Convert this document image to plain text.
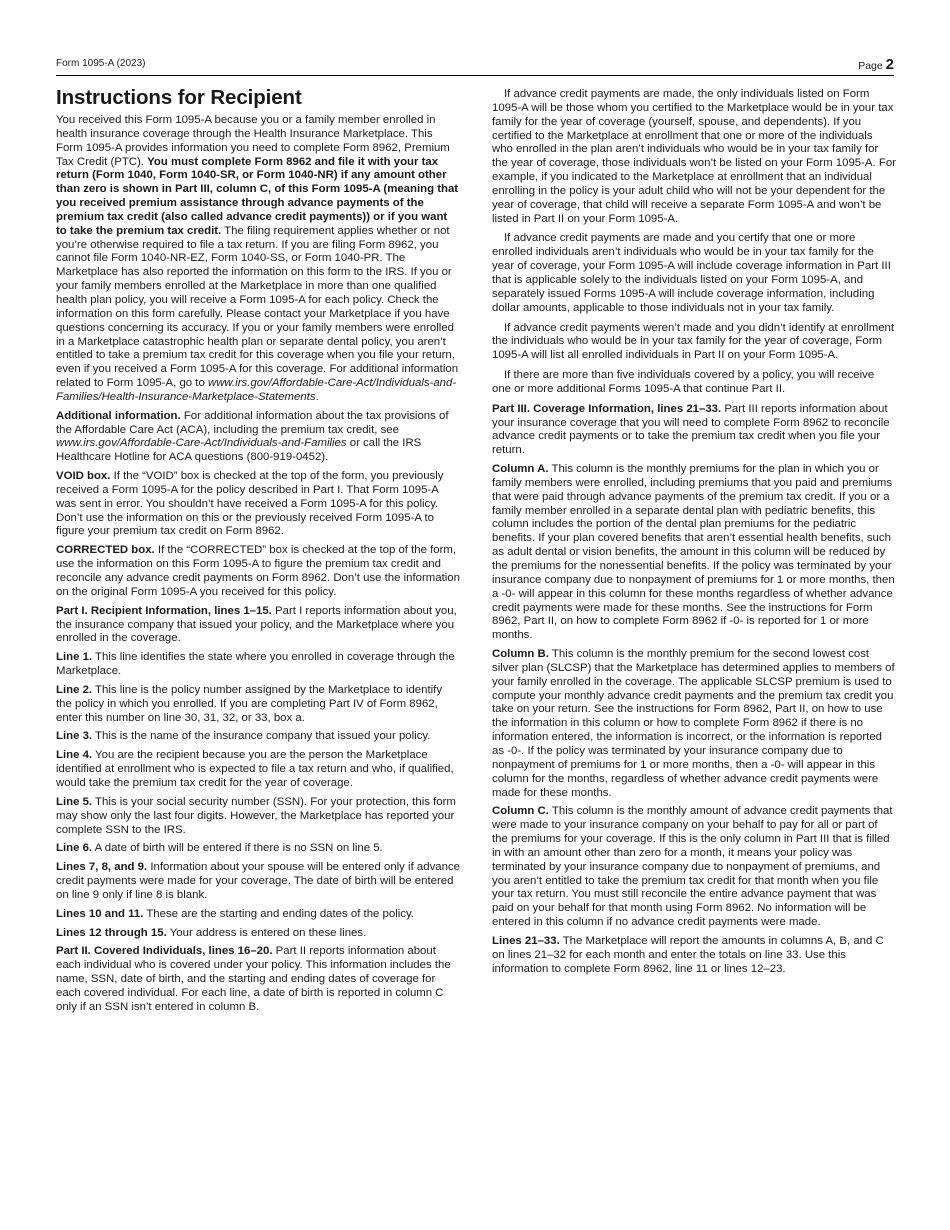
Form 1095-A (2023)	Page 2
Instructions for Recipient

You received this Form 1095-A because you or a family member enrolled in health insurance coverage through the Health Insurance Marketplace. This Form 1095-A provides information you need to complete Form 8962, Premium Tax Credit (PTC). You must complete Form 8962 and file it with your tax return (Form 1040, Form 1040-SR, or Form 1040-NR) if any amount other than zero is shown in Part III, column C, of this Form 1095-A (meaning that you received premium assistance through advance payments of the premium tax credit (also called advance credit payments)) or if you want to take the premium tax credit. The filing requirement applies whether or not you’re otherwise required to file a tax return. If you are filing Form 8962, you cannot file Form 1040-NR-EZ, Form 1040-SS, or Form 1040-PR. The Marketplace has also reported the information on this form to the IRS. If you or your family members enrolled at the Marketplace in more than one qualified health plan policy, you will receive a Form 1095-A for each policy. Check the information on this form carefully. Please contact your Marketplace if you have questions concerning its accuracy. If you or your family members were enrolled in a Marketplace catastrophic health plan or separate dental policy, you aren’t entitled to take a premium tax credit for this coverage when you file your return, even if you received a Form 1095-A for this coverage. For additional information related to Form 1095-A, go to www.irs.gov/Affordable-Care-Act/Individuals-and-Families/Health-Insurance-Marketplace-Statements.

Additional information. For additional information about the tax provisions of the Affordable Care Act (ACA), including the premium tax credit, see www.irs.gov/Affordable-Care-Act/Individuals-and-Families or call the IRS Healthcare Hotline for ACA questions (800-919-0452).

VOID box. If the “VOID” box is checked at the top of the form, you previously received a Form 1095-A for the policy described in Part I. That Form 1095-A was sent in error. You shouldn’t have received a Form 1095-A for this policy. Don’t use the information on this or the previously received Form 1095-A to figure your premium tax credit on Form 8962.

CORRECTED box. If the “CORRECTED” box is checked at the top of the form, use the information on this Form 1095-A to figure the premium tax credit and reconcile any advance credit payments on Form 8962. Don’t use the information on the original Form 1095-A you received for this policy.

Part I. Recipient Information, lines 1–15. Part I reports information about you, the insurance company that issued your policy, and the Marketplace where you enrolled in the coverage.

Line 1. This line identifies the state where you enrolled in coverage through the Marketplace.

Line 2. This line is the policy number assigned by the Marketplace to identify the policy in which you enrolled. If you are completing Part IV of Form 8962, enter this number on line 30, 31, 32, or 33, box a.

Line 3. This is the name of the insurance company that issued your policy.

Line 4. You are the recipient because you are the person the Marketplace identified at enrollment who is expected to file a tax return and who, if qualified, would take the premium tax credit for the year of coverage.

Line 5. This is your social security number (SSN). For your protection, this form may show only the last four digits. However, the Marketplace has reported your complete SSN to the IRS.

Line 6. A date of birth will be entered if there is no SSN on line 5.

Lines 7, 8, and 9. Information about your spouse will be entered only if advance credit payments were made for your coverage. The date of birth will be entered on line 9 only if line 8 is blank.

Lines 10 and 11. These are the starting and ending dates of the policy.

Lines 12 through 15. Your address is entered on these lines.

Part II. Covered Individuals, lines 16–20. Part II reports information about each individual who is covered under your policy. This information includes the name, SSN, date of birth, and the starting and ending dates of coverage for each covered individual. For each line, a date of birth is reported in column C only if an SSN isn’t entered in column B.

If advance credit payments are made, the only individuals listed on Form 1095-A will be those whom you certified to the Marketplace would be in your tax family for the year of coverage (yourself, spouse, and dependents). If you certified to the Marketplace at enrollment that one or more of the individuals who enrolled in the plan aren’t individuals who would be in your tax family for the year of coverage, those individuals won’t be listed on your Form 1095-A. For example, if you indicated to the Marketplace at enrollment that an individual enrolling in the policy is your adult child who will not be your dependent for the year of coverage, that child will receive a separate Form 1095-A and won’t be listed in Part II on your Form 1095-A.

If advance credit payments are made and you certify that one or more enrolled individuals aren’t individuals who would be in your tax family for the year of coverage, your Form 1095-A will include coverage information in Part III that is applicable solely to the individuals listed on your Form 1095-A, and separately issued Forms 1095-A will include coverage information, including dollar amounts, applicable to those individuals not in your tax family.

If advance credit payments weren’t made and you didn’t identify at enrollment the individuals who would be in your tax family for the year of coverage, Form 1095-A will list all enrolled individuals in Part II on your Form 1095-A.

If there are more than five individuals covered by a policy, you will receive one or more additional Forms 1095-A that continue Part II.

Part III. Coverage Information, lines 21–33. Part III reports information about your insurance coverage that you will need to complete Form 8962 to reconcile advance credit payments or to take the premium tax credit when you file your return.

Column A. This column is the monthly premiums for the plan in which you or family members were enrolled, including premiums that you paid and premiums that were paid through advance payments of the premium tax credit. If you or a family member enrolled in a separate dental plan with pediatric benefits, this column includes the portion of the dental plan premiums for the pediatric benefits. If your plan covered benefits that aren’t essential health benefits, such as adult dental or vision benefits, the amount in this column will be reduced by the premiums for the nonessential benefits. If the policy was terminated by your insurance company due to nonpayment of premiums for 1 or more months, then a -0- will appear in this column for these months regardless of whether advance credit payments were made for these months. See the instructions for Form 8962, Part II, on how to complete Form 8962 if -0- is reported for 1 or more months.

Column B. This column is the monthly premium for the second lowest cost silver plan (SLCSP) that the Marketplace has determined applies to members of your family enrolled in the coverage. The applicable SLCSP premium is used to compute your monthly advance credit payments and the premium tax credit you take on your return. See the instructions for Form 8962, Part II, on how to use the information in this column or how to complete Form 8962 if there is no information entered, the information is incorrect, or the information is reported as -0-. If the policy was terminated by your insurance company due to nonpayment of premiums for 1 or more months, then a -0- will appear in this column for the months, regardless of whether advance credit payments were made for these months.

Column C. This column is the monthly amount of advance credit payments that were made to your insurance company on your behalf to pay for all or part of the premiums for your coverage. If this is the only column in Part III that is filled in with an amount other than zero for a month, it means your policy was terminated by your insurance company due to nonpayment of premiums, and you aren’t entitled to take the premium tax credit for that month when you file your tax return. You must still reconcile the entire advance payment that was paid on your behalf for that month using Form 8962. No information will be entered in this column if no advance credit payments were made.

Lines 21–33. The Marketplace will report the amounts in columns A, B, and C on lines 21–32 for each month and enter the totals on line 33. Use this information to complete Form 8962, line 11 or lines 12–23.
